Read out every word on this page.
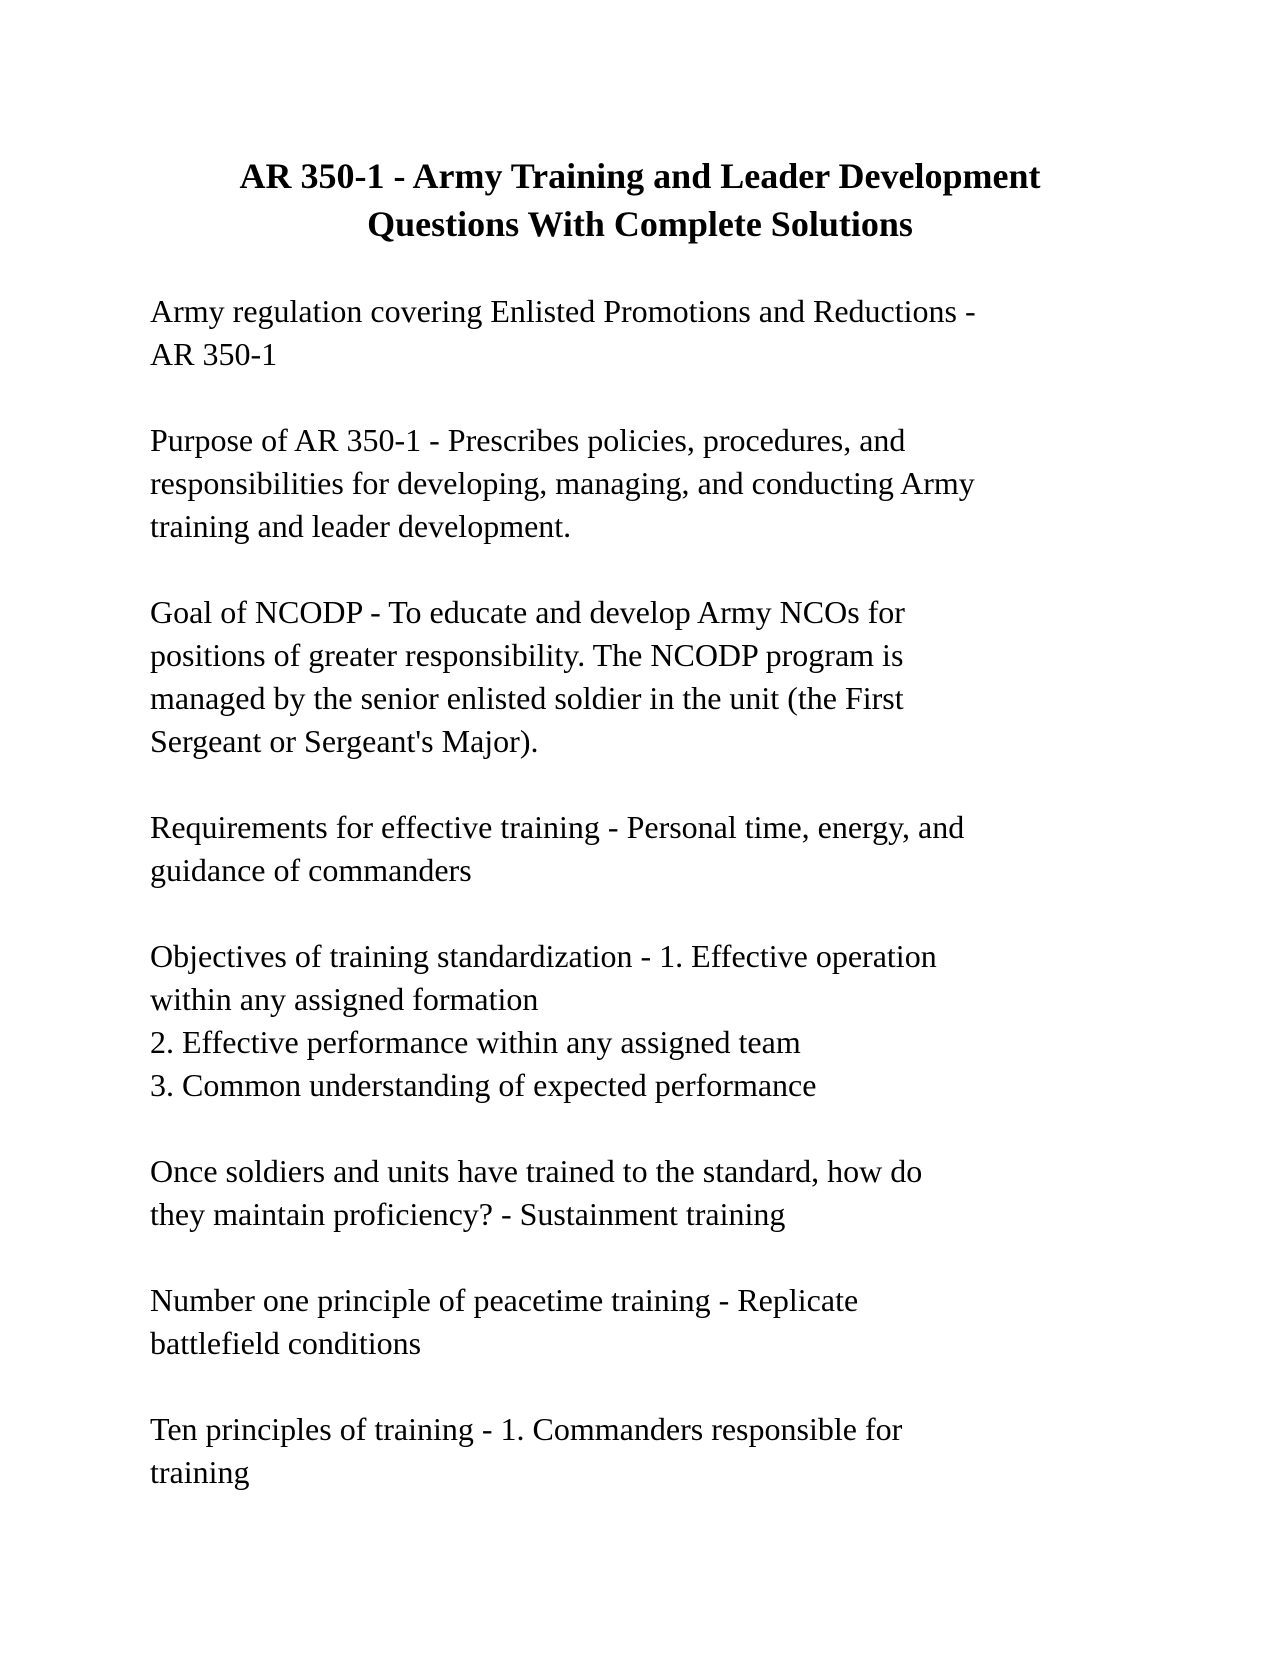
AR 350-1 - Army Training and Leader Development
Questions With Complete Solutions

Army regulation covering Enlisted Promotions and Reductions -
AR 350-1

Purpose of AR 350-1 - Prescribes policies, procedures, and
responsibilities for developing, managing, and conducting Army
training and leader development.

Goal of NCODP - To educate and develop Army NCOs for
positions of greater responsibility. The NCODP program is
managed by the senior enlisted soldier in the unit (the First
Sergeant or Sergeant's Major).

Requirements for effective training - Personal time, energy, and
guidance of commanders

Objectives of training standardization - 1. Effective operation
within any assigned formation
2. Effective performance within any assigned team
3. Common understanding of expected performance

Once soldiers and units have trained to the standard, how do
they maintain proficiency? - Sustainment training

Number one principle of peacetime training - Replicate
battlefield conditions

Ten principles of training - 1. Commanders responsible for
training
